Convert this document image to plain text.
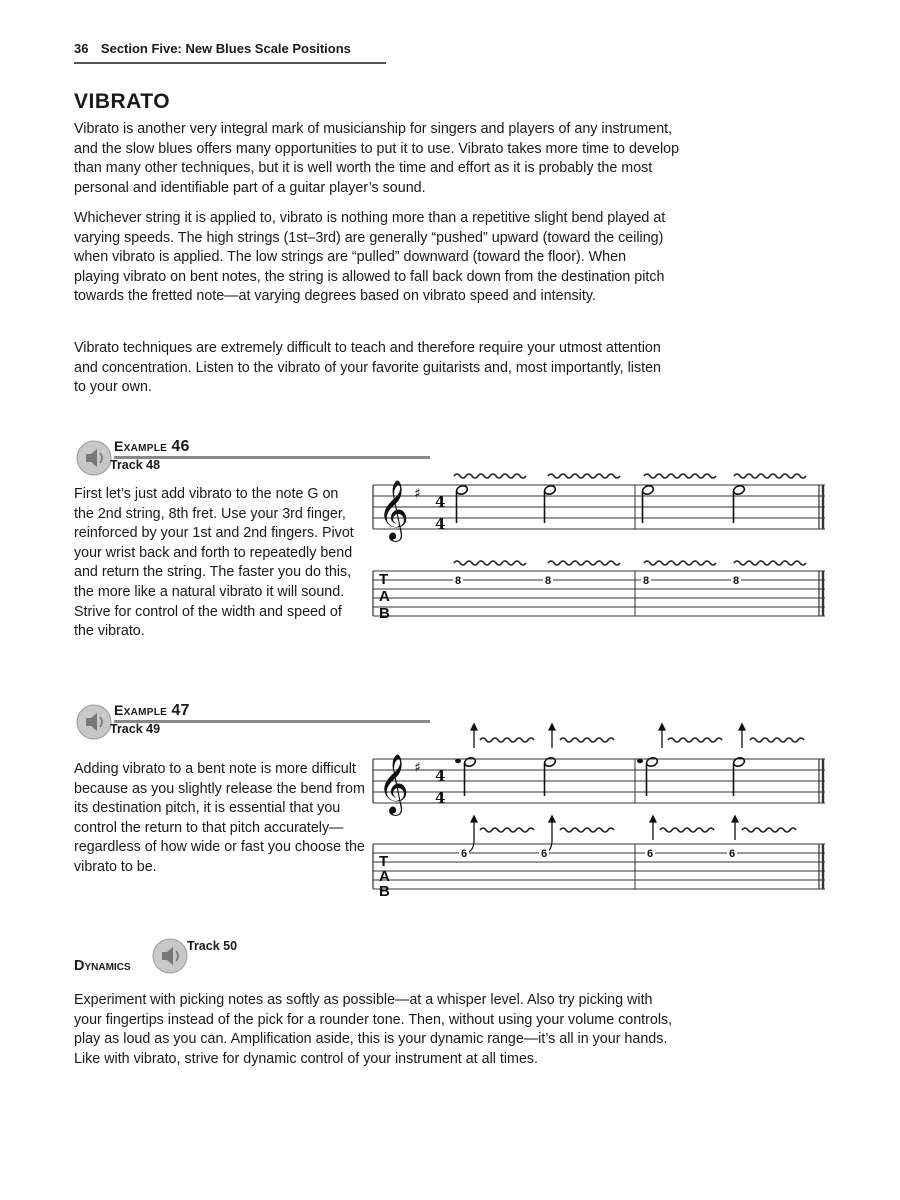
36 Section Five: New Blues Scale Positions
VIBRATO

Vibrato is another very integral mark of musicianship for singers and players of any instrument, and the slow blues offers many opportunities to put it to use. Vibrato takes more time to develop than many other techniques, but it is well worth the time and effort as it is probably the most personal and identifiable part of a guitar player’s sound.

Whichever string it is applied to, vibrato is nothing more than a repetitive slight bend played at varying speeds. The high strings (1st–3rd) are generally “pushed” upward (toward the ceiling) when vibrato is applied. The low strings are “pulled” downward (toward the floor). When playing vibrato on bent notes, the string is allowed to fall back down from the destination pitch towards the fretted note—at varying degrees based on vibrato speed and intensity.

Vibrato techniques are extremely difficult to teach and therefore require your utmost attention and concentration. Listen to the vibrato of your favorite guitarists and, most importantly, listen to your own.

Example 46
Track 48

First let’s just add vibrato to the note G on the 2nd string, 8th fret. Use your 3rd finger, reinforced by your 1st and 2nd fingers. Pivot your wrist back and forth to repeatedly bend and return the string. The faster you do this, the more like a natural vibrato it will sound. Strive for control of the width and speed of the vibrato.

𝄞 ♯ 4
4
T
A
B
8	8	8	8
Example 47
Track 49

Adding vibrato to a bent note is more difficult because as you slightly release the bend from its destination pitch, it is essential that you control the return to that pitch accurately—regardless of how wide or fast you choose the vibrato to be.

𝄞 ♯ 4
4
T
A
B
6	6	6	6
Dynamics
Track 50

Experiment with picking notes as softly as possible—at a whisper level. Also try picking with your fingertips instead of the pick for a rounder tone. Then, without using your volume controls, play as loud as you can. Amplification aside, this is your dynamic range—it’s all in your hands. Like with vibrato, strive for dynamic control of your instrument at all times.
